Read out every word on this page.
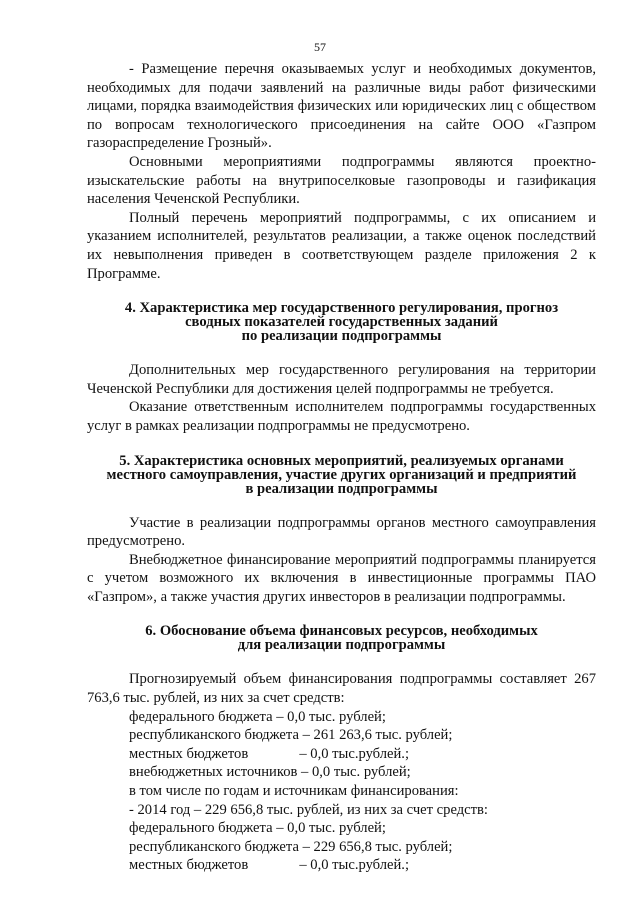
57

- Размещение перечня оказываемых услуг и необходимых документов, необходимых для подачи заявлений на различные виды работ физическими лицами, порядка взаимодействия физических или юридических лиц с обществом по вопросам технологического присоединения на сайте ООО «Газпром газораспределение Грозный».

Основными мероприятиями подпрограммы являются проектно-изыскательские работы на внутрипоселковые газопроводы и газификация населения Чеченской Республики.

Полный перечень мероприятий подпрограммы, с их описанием и указанием исполнителей, результатов реализации, а также оценок последствий их невыполнения приведен в соответствующем разделе приложения 2 к Программе.

4. Характеристика мер государственного регулирования, прогноз
сводных показателей государственных заданий
по реализации подпрограммы

Дополнительных мер государственного регулирования на территории Чеченской Республики для достижения целей подпрограммы не требуется.

Оказание ответственным исполнителем подпрограммы государственных услуг в рамках реализации подпрограммы не предусмотрено.

5. Характеристика основных мероприятий, реализуемых органами
местного самоуправления, участие других организаций и предприятий
в реализации подпрограммы

Участие в реализации подпрограммы органов местного самоуправления предусмотрено.

Внебюджетное финансирование мероприятий подпрограммы планируется с учетом возможного их включения в инвестиционные программы ПАО «Газпром», а также участия других инвесторов в реализации подпрограммы.

6. Обоснование объема финансовых ресурсов, необходимых
для реализации подпрограммы

Прогнозируемый объем финансирования подпрограммы составляет 267 763,6 тыс. рублей, из них за счет средств:

федерального бюджета – 0,0 тыс. рублей;
республиканского бюджета – 261 263,6 тыс. рублей;
местных бюджетов              – 0,0 тыс.рублей.;
внебюджетных источников – 0,0 тыс. рублей;
в том числе по годам и источникам финансирования:
- 2014 год – 229 656,8 тыс. рублей, из них за счет средств:
федерального бюджета – 0,0 тыс. рублей;
республиканского бюджета – 229 656,8 тыс. рублей;
местных бюджетов              – 0,0 тыс.рублей.;
